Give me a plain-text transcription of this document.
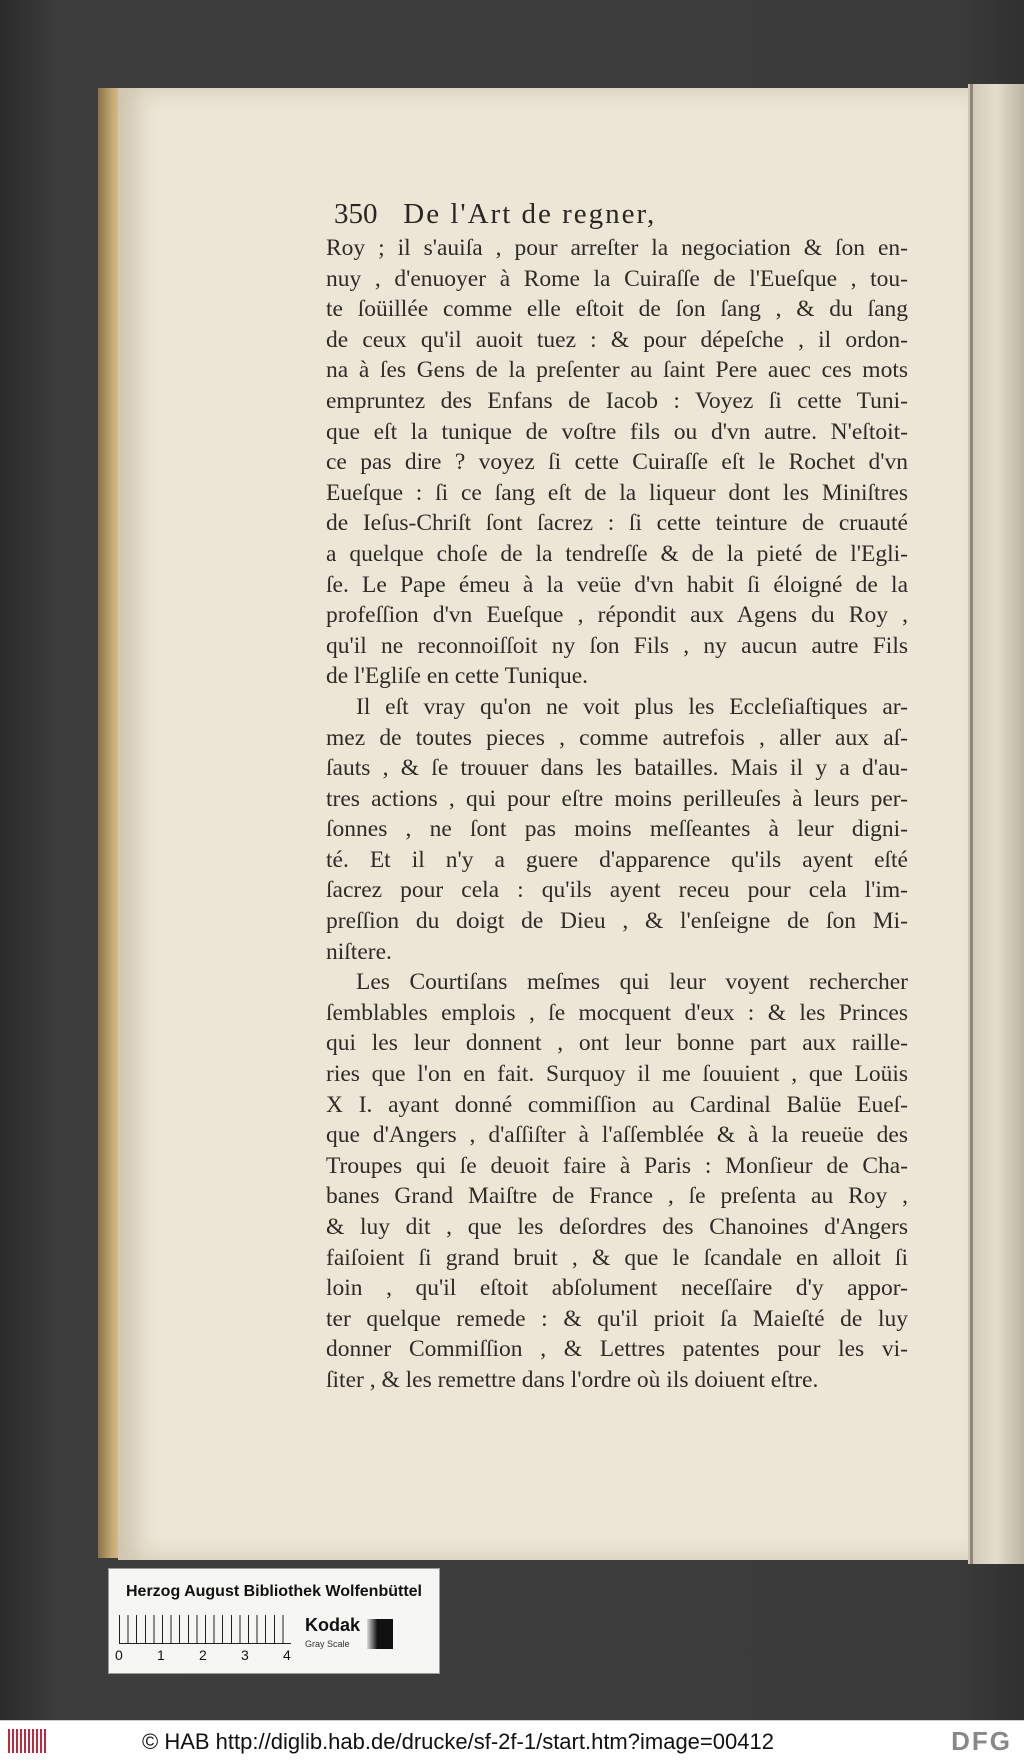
350 De l'Art de regner,
Roy ; il s'auiſa , pour arreſter la negociation & ſon en-
nuy , d'enuoyer à Rome la Cuiraſſe de l'Eueſque , tou-
te ſoüillée comme elle eſtoit de ſon ſang , & du ſang
de ceux qu'il auoit tuez : & pour dépeſche , il ordon-
na à ſes Gens de la preſenter au ſaint Pere auec ces mots
empruntez des Enfans de Iacob : Voyez ſi cette Tuni-
que eſt la tunique de voſtre fils ou d'vn autre. N'eſtoit-
ce pas dire ? voyez ſi cette Cuiraſſe eſt le Rochet d'vn
Eueſque : ſi ce ſang eſt de la liqueur dont les Miniſtres
de Ieſus-Chriſt ſont ſacrez : ſi cette teinture de cruauté
a quelque choſe de la tendreſſe & de la pieté de l'Egli-
ſe. Le Pape émeu à la veüe d'vn habit ſi éloigné de la
profeſſion d'vn Eueſque , répondit aux Agens du Roy ,
qu'il ne reconnoiſſoit ny ſon Fils , ny aucun autre Fils
de l'Egliſe en cette Tunique.
Il eſt vray qu'on ne voit plus les Eccleſiaſtiques ar-
mez de toutes pieces , comme autrefois , aller aux aſ-
ſauts , & ſe trouuer dans les batailles. Mais il y a d'au-
tres actions , qui pour eſtre moins perilleuſes à leurs per-
ſonnes , ne ſont pas moins meſſeantes à leur digni-
té. Et il n'y a guere d'apparence qu'ils ayent eſté
ſacrez pour cela : qu'ils ayent receu pour cela l'im-
preſſion du doigt de Dieu , & l'enſeigne de ſon Mi-
niſtere.
Les Courtiſans meſmes qui leur voyent rechercher
ſemblables emplois , ſe mocquent d'eux : & les Princes
qui les leur donnent , ont leur bonne part aux raille-
ries que l'on en fait. Surquoy il me ſouuient , que Loüis
X I. ayant donné commiſſion au Cardinal Balüe Eueſ-
que d'Angers , d'aſſiſter à l'aſſemblée & à la reueüe des
Troupes qui ſe deuoit faire à Paris : Monſieur de Cha-
banes Grand Maiſtre de France , ſe preſenta au Roy ,
& luy dit , que les deſordres des Chanoines d'Angers
faiſoient ſi grand bruit , & que le ſcandale en alloit ſi
loin , qu'il eſtoit abſolument neceſſaire d'y appor-
ter quelque remede : & qu'il prioit ſa Maieſté de luy
donner Commiſſion , & Lettres patentes pour les vi-
ſiter , & les remettre dans l'ordre où ils doiuent eſtre.
Herzog August Bibliothek Wolfenbüttel
0 1 2 3 4
Kodak
Gray Scale
© HAB http://diglib.hab.de/drucke/sf-2f-1/start.htm?image=00412	DFG
